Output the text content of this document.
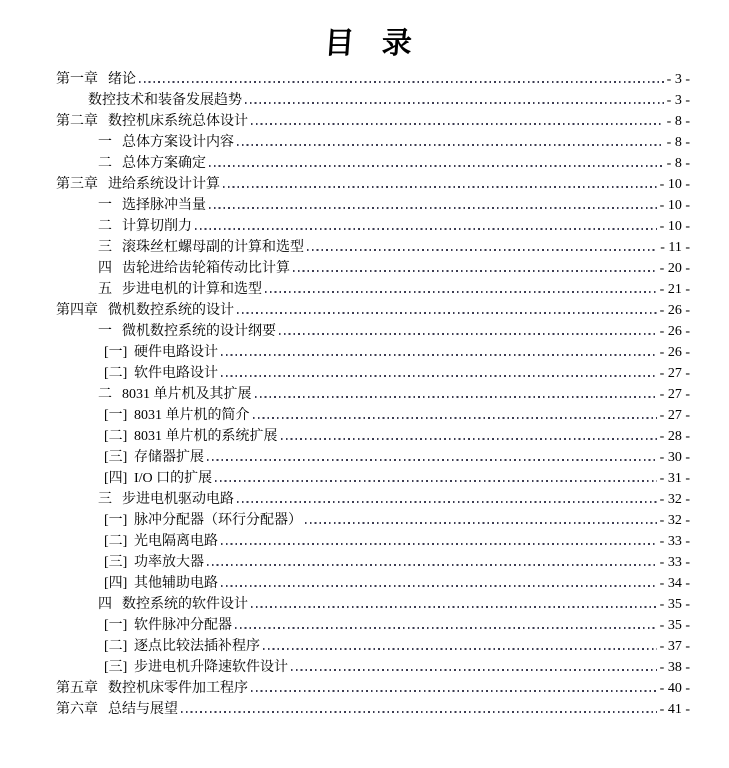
目 录
第一章 绪论	- 3 -
数控技术和装备发展趋势	- 3 -
第二章 数控机床系统总体设计	- 8 -
一 总体方案设计内容	- 8 -
二 总体方案确定	- 8 -
第三章 进给系统设计计算	- 10 -
一 选择脉冲当量	- 10 -
二 计算切削力	- 10 -
三 滚珠丝杠螺母副的计算和选型	- 11 -
四 齿轮进给齿轮箱传动比计算	- 20 -
五 步进电机的计算和选型	- 21 -
第四章 微机数控系统的设计	- 26 -
一 微机数控系统的设计纲要	- 26 -
[一] 硬件电路设计	- 26 -
[二] 软件电路设计	- 27 -
二 8031 单片机及其扩展	- 27 -
[一] 8031 单片机的简介	- 27 -
[二] 8031 单片机的系统扩展	- 28 -
[三] 存储器扩展	- 30 -
[四] I/O 口的扩展	- 31 -
三 步进电机驱动电路	- 32 -
[一] 脉冲分配器（环行分配器）	- 32 -
[二] 光电隔离电路	- 33 -
[三] 功率放大器	- 33 -
[四] 其他辅助电路	- 34 -
四 数控系统的软件设计	- 35 -
[一] 软件脉冲分配器	- 35 -
[二] 逐点比较法插补程序	- 37 -
[三] 步进电机升降速软件设计	- 38 -
第五章 数控机床零件加工程序	- 40 -
第六章 总结与展望	- 41 -
